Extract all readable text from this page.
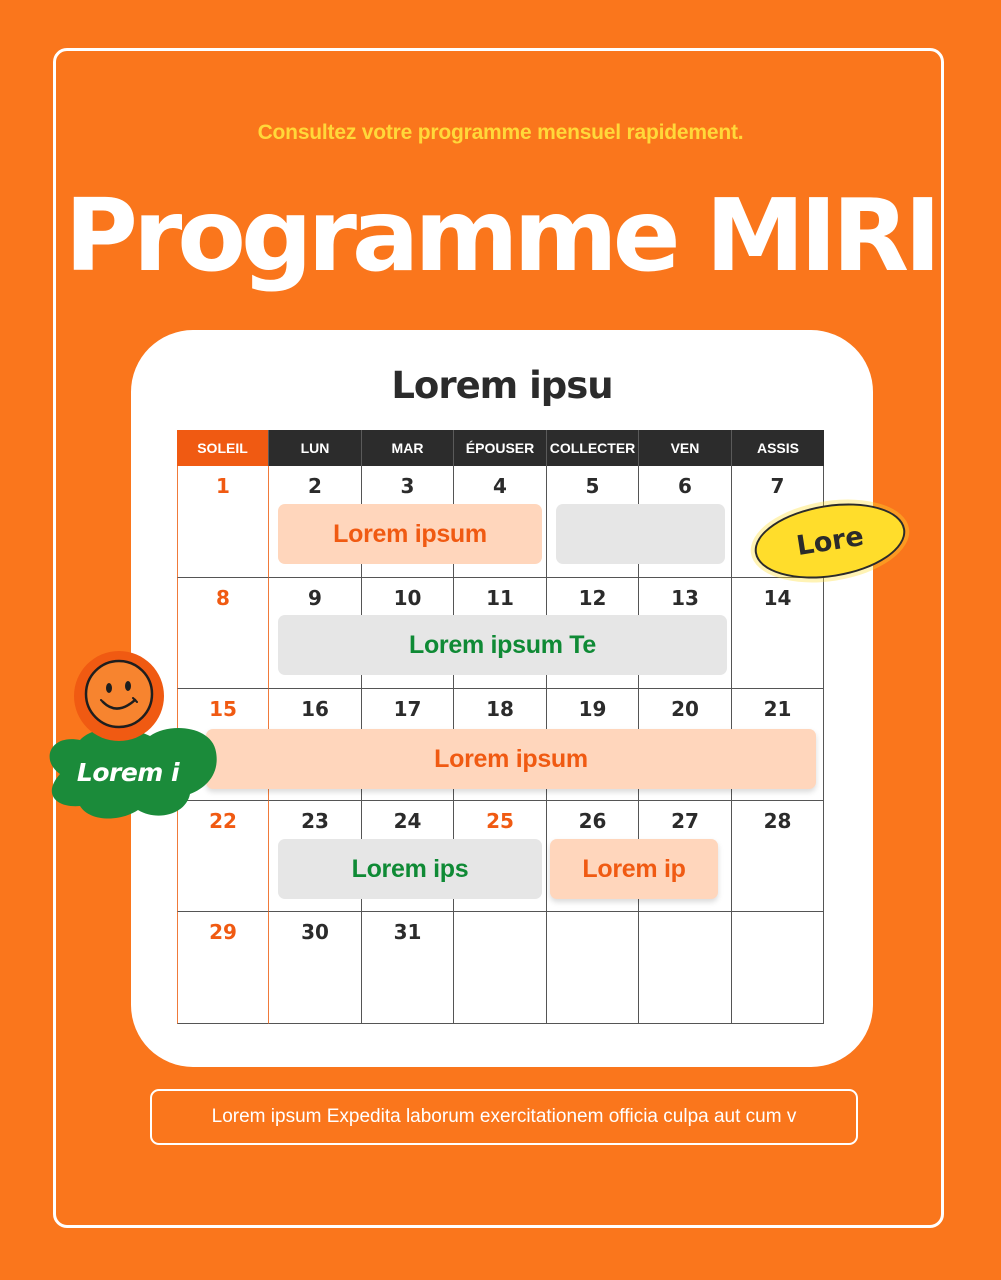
Consultez votre programme mensuel rapidement.
Programme MIRI
Lorem ipsu
SOLEIL	LUN	MAR	ÉPOUSER	COLLECTER	VEN	ASSIS
1	2	3	4	5	6	7
8	9	10	11	12	13	14
15	16	17	18	19	20	21
22	23	24	25	26	27	28
29	30	31
Lorem ipsum
Lorem ipsum Te
Lorem ipsum
Lorem ips	Lorem ip
Lore
Lorem i
Lorem ipsum Expedita laborum exercitationem officia culpa aut cum v
